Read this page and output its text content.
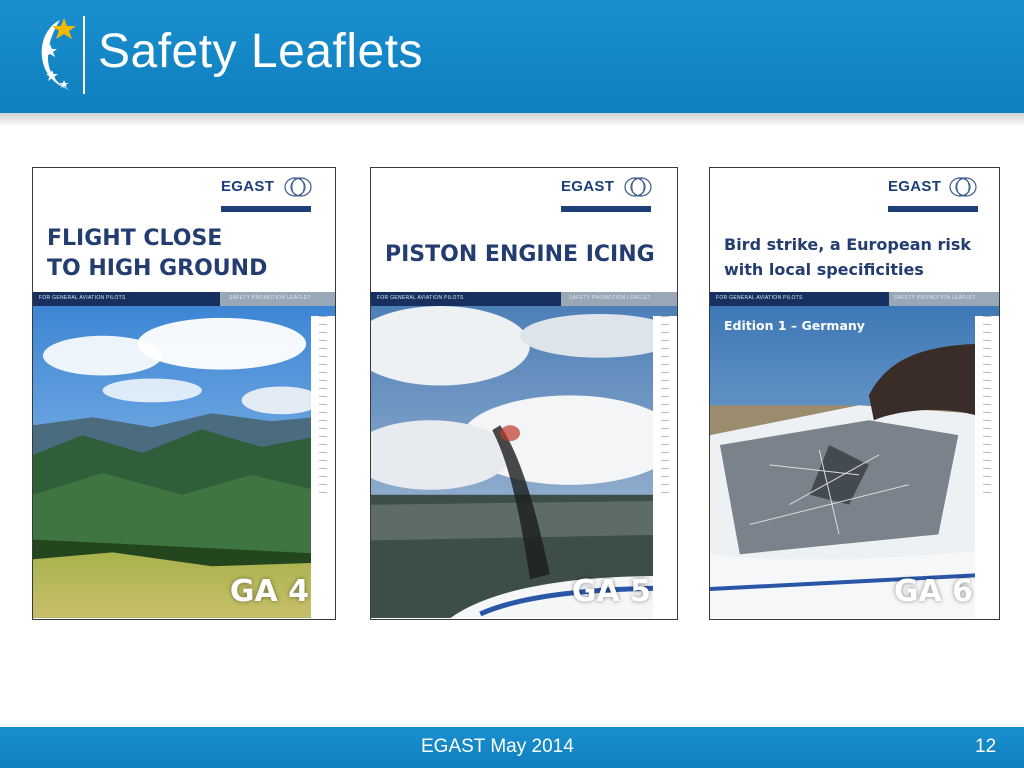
Safety Leaflets
EGAST
FLIGHT CLOSE
TO HIGH GROUND
FOR GENERAL AVIATION PILOTS	SAFETY PROMOTION LEAFLET
GA 4
EGAST
PISTON ENGINE ICING
FOR GENERAL AVIATION PILOTS	SAFETY PROMOTION LEAFLET
GA 5
EGAST
Bird strike, a European risk
with local specificities
FOR GENERAL AVIATION PILOTS	SAFETY PROMOTION LEAFLET
Edition 1 – Germany
GA 6
EGAST May 2014	12
